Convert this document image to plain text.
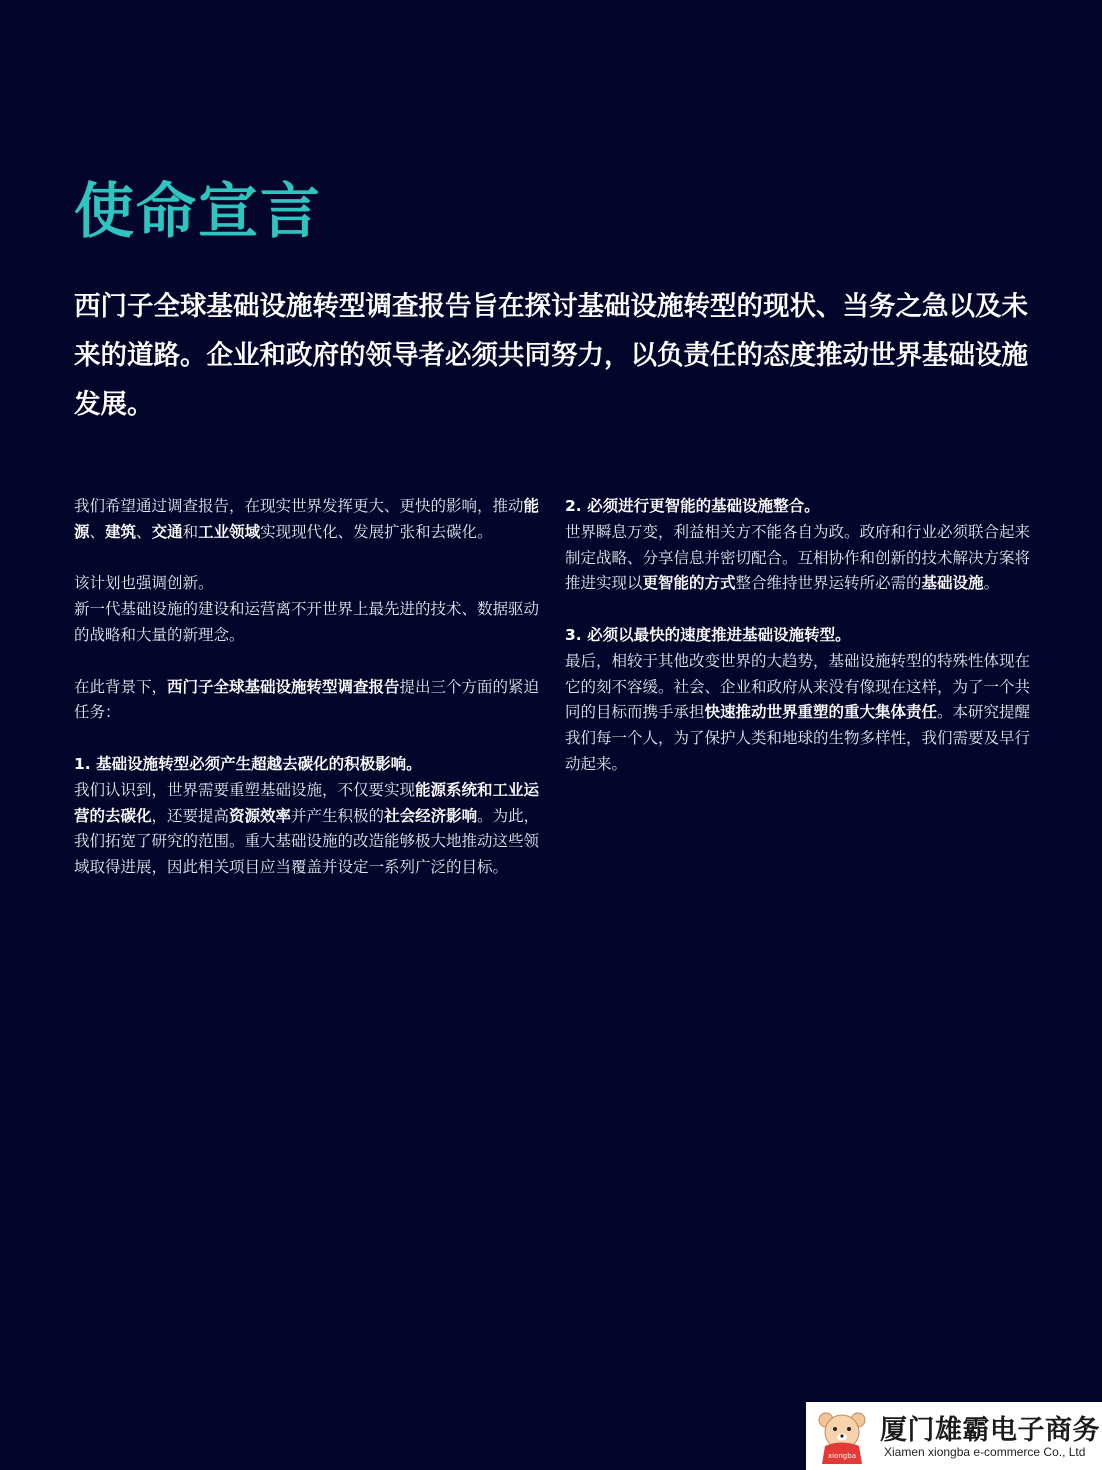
使命宣言

西门子全球基础设施转型调查报告旨在探讨基础设施转型的现状、当务之急以及未来的道路。企业和政府的领导者必须共同努力，以负责任的态度推动世界基础设施发展。

我们希望通过调查报告，在现实世界发挥更大、更快的影响，推动能源、建筑、交通和工业领域实现现代化、发展扩张和去碳化。

该计划也强调创新。
新一代基础设施的建设和运营离不开世界上最先进的技术、数据驱动的战略和大量的新理念。

在此背景下，西门子全球基础设施转型调查报告提出三个方面的紧迫任务：

1. 基础设施转型必须产生超越去碳化的积极影响。
我们认识到，世界需要重塑基础设施，不仅要实现能源系统和工业运营的去碳化，还要提高资源效率并产生积极的社会经济影响。为此，我们拓宽了研究的范围。重大基础设施的改造能够极大地推动这些领域取得进展，因此相关项目应当覆盖并设定一系列广泛的目标。

2. 必须进行更智能的基础设施整合。
世界瞬息万变，利益相关方不能各自为政。政府和行业必须联合起来制定战略、分享信息并密切配合。互相协作和创新的技术解决方案将推进实现以更智能的方式整合维持世界运转所必需的基础设施。

3. 必须以最快的速度推进基础设施转型。
最后，相较于其他改变世界的大趋势，基础设施转型的特殊性体现在它的刻不容缓。社会、企业和政府从来没有像现在这样，为了一个共同的目标而携手承担快速推动世界重塑的重大集体责任。本研究提醒我们每一个人，为了保护人类和地球的生物多样性，我们需要及早行动起来。

xiongba
厦门雄霸电子商务
Xiamen xiongba e-commerce Co., Ltd
